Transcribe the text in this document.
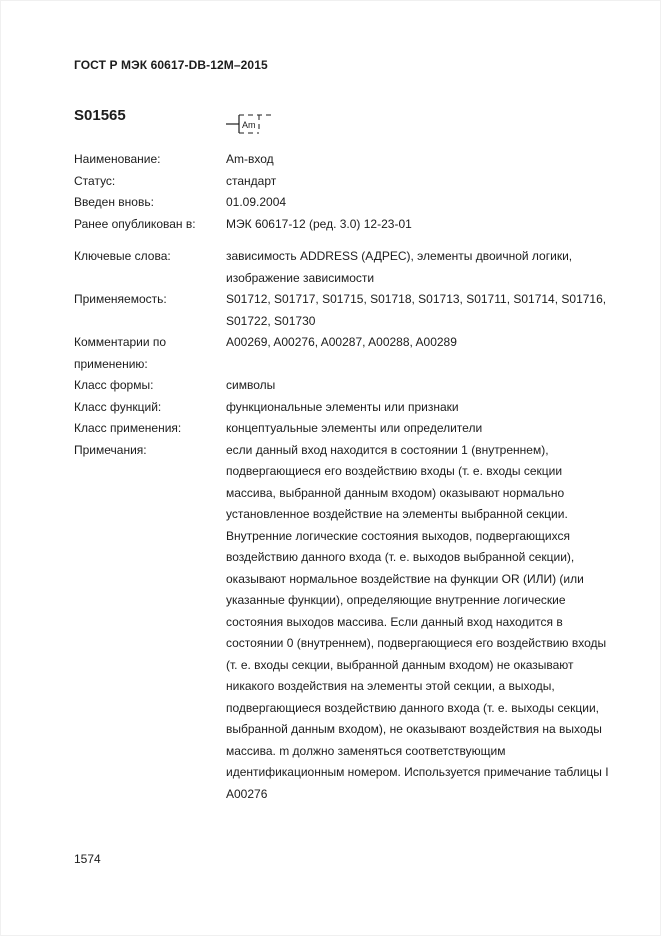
ГОСТ Р МЭК 60617-DB-12M–2015
S01565
Am
Наименование:	Am-вход
Статус:	стандарт
Введен вновь:	01.09.2004
Ранее опубликован в:	МЭК 60617-12 (ред. 3.0) 12-23-01
Ключевые слова:	зависимость ADDRESS (АДРЕС), элементы двоичной логики, изображение зависимости
Применяемость:	S01712, S01717, S01715, S01718, S01713, S01711, S01714, S01716, S01722, S01730
Комментарии по применению:
A00269, A00276, A00287, A00288, A00289
Класс формы:	символы
Класс функций:	функциональные элементы или признаки
Класс применения:	концептуальные элементы или определители
Примечания:	если данный вход находится в состоянии 1 (внутреннем), подвергающиеся его воздействию входы (т. е. входы секции массива, выбранной данным входом) оказывают нормально установленное воздействие на элементы выбранной секции. Внутренние логические состояния выходов, подвергающихся воздействию данного входа (т. е. выходов выбранной секции), оказывают нормальное воздействие на функции OR (ИЛИ) (или указанные функции), определяющие внутренние логические состояния выходов массива. Если данный вход находится в состоянии 0 (внутреннем), подвергающиеся его воздействию входы (т. е. входы секции, выбранной данным входом) не оказывают никакого воздействия на элементы этой секции, а выходы, подвергающиеся воздействию данного входа (т. е. выходы секции, выбранной данным входом), не оказывают воздействия на выходы массива. m должно заменяться соответствующим идентификационным номером. Используется примечание таблицы I A00276
1574
